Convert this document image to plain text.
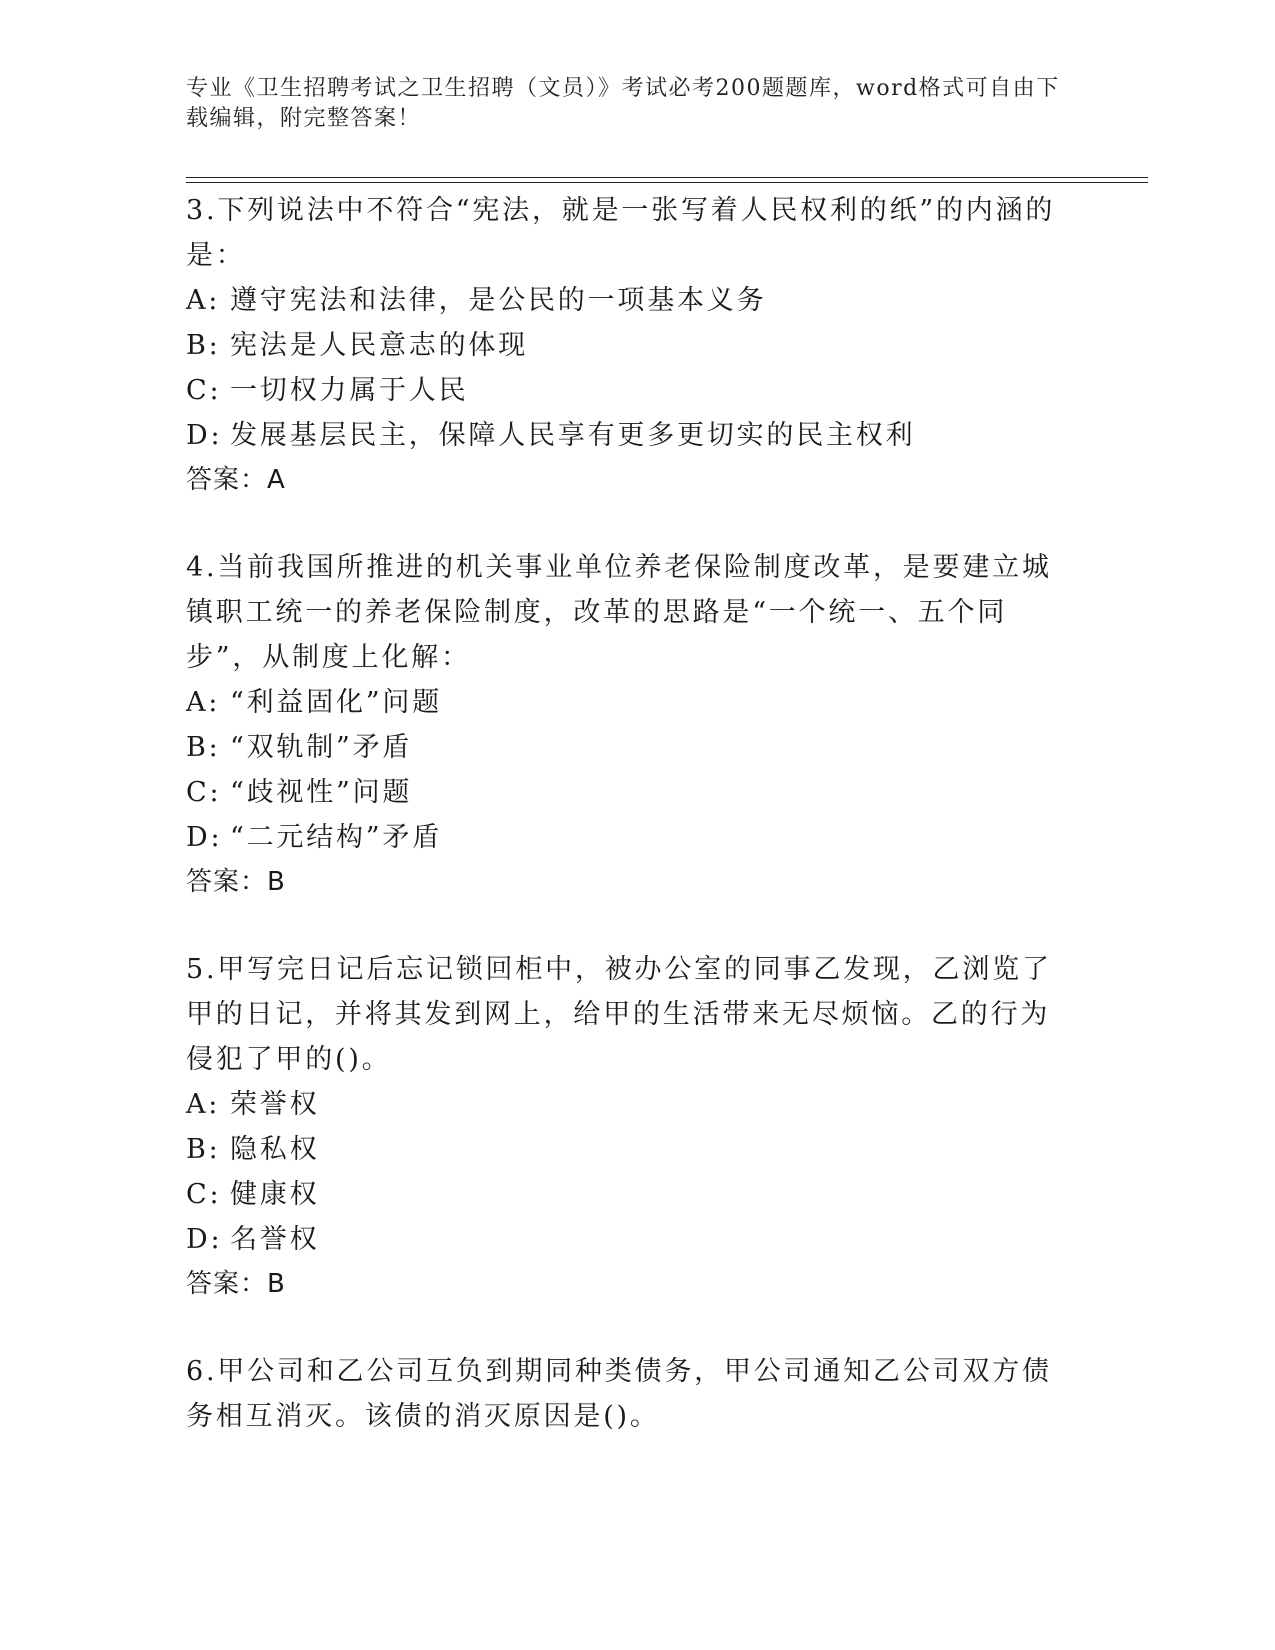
专业《卫生招聘考试之卫生招聘（文员）》考试必考200题题库，word格式可自由下载编辑，附完整答案！

3.下列说法中不符合“宪法，就是一张写着人民权利的纸”的内涵的是：

A: 遵守宪法和法律，是公民的一项基本义务

B: 宪法是人民意志的体现

C: 一切权力属于人民

D: 发展基层民主，保障人民享有更多更切实的民主权利

答案：A

4.当前我国所推进的机关事业单位养老保险制度改革，是要建立城镇职工统一的养老保险制度，改革的思路是“一个统一、五个同步”，从制度上化解：

A: “利益固化”问题

B: “双轨制”矛盾

C: “歧视性”问题

D: “二元结构”矛盾

答案：B

5.甲写完日记后忘记锁回柜中，被办公室的同事乙发现，乙浏览了甲的日记，并将其发到网上，给甲的生活带来无尽烦恼。乙的行为侵犯了甲的()。

A: 荣誉权

B: 隐私权

C: 健康权

D: 名誉权

答案：B

6.甲公司和乙公司互负到期同种类债务，甲公司通知乙公司双方债务相互消灭。该债的消灭原因是()。
